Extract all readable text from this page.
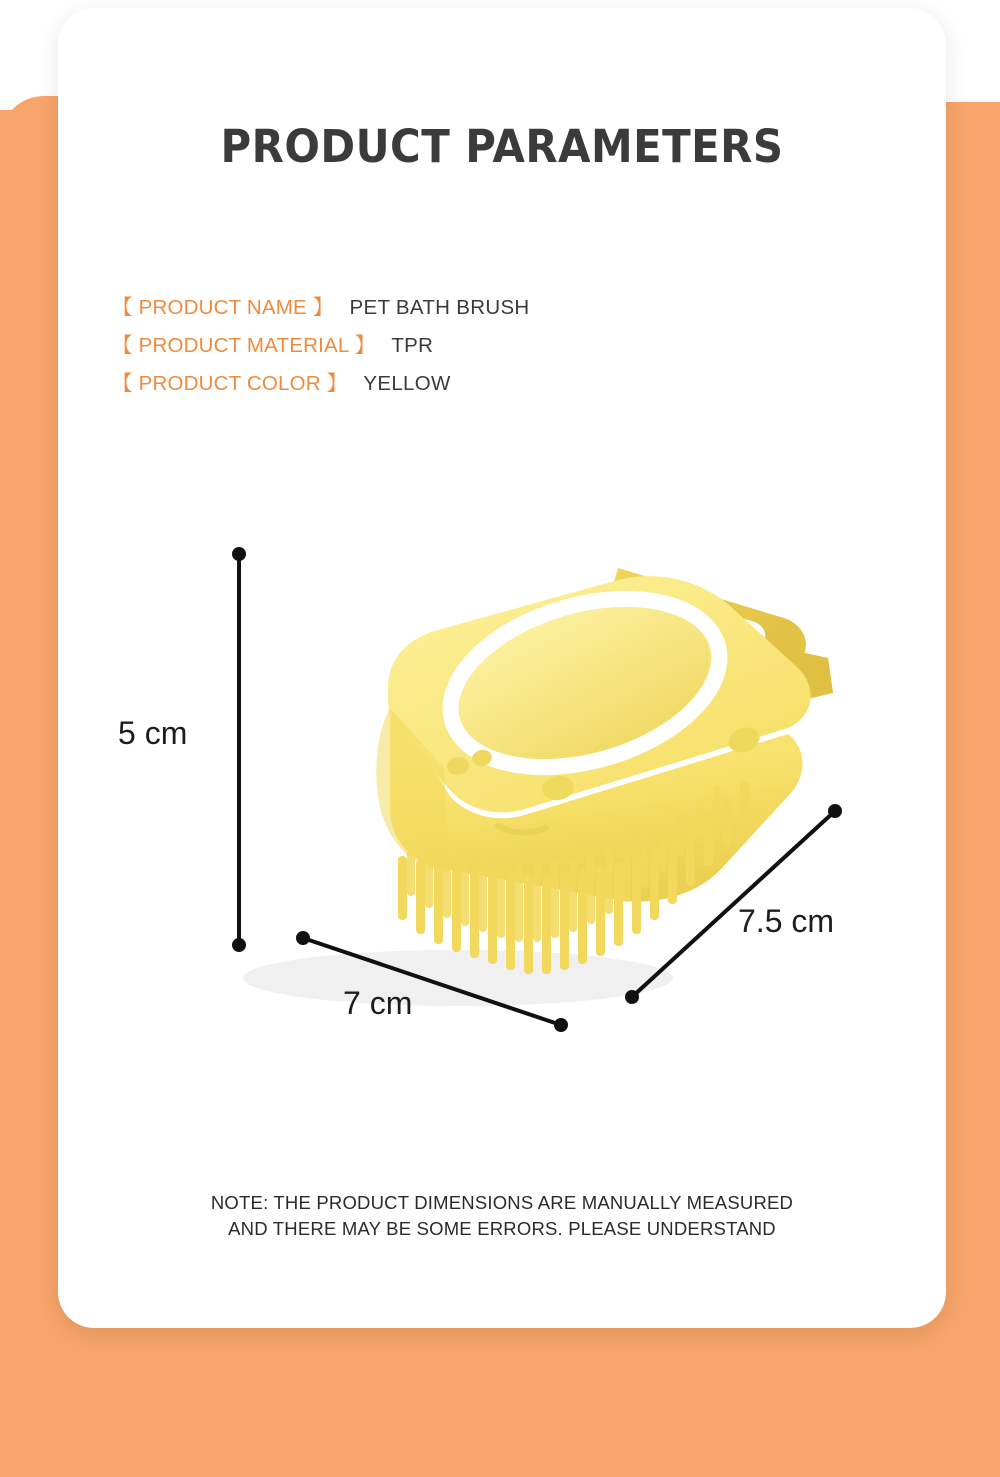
PRODUCT PARAMETERS
【 PRODUCT NAME 】 PET BATH BRUSH
【 PRODUCT MATERIAL 】 TPR
【 PRODUCT COLOR 】 YELLOW
5 cm
7 cm
7.5 cm
NOTE: THE PRODUCT DIMENSIONS ARE MANUALLY MEASURED
AND THERE MAY BE SOME ERRORS. PLEASE UNDERSTAND
